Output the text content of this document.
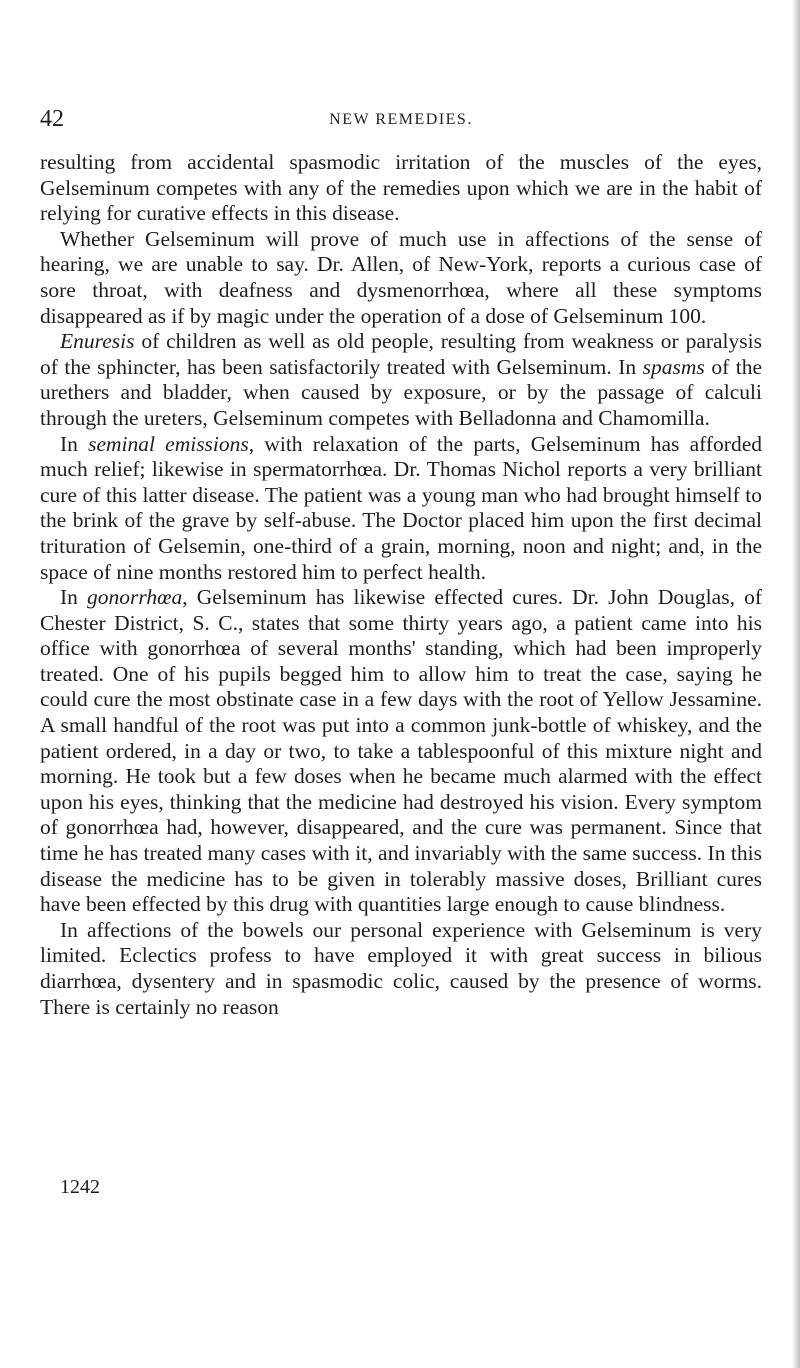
42	NEW REMEDIES.

resulting from accidental spasmodic irritation of the muscles of the eyes, Gelseminum competes with any of the remedies upon which we are in the habit of relying for curative effects in this disease.

Whether Gelseminum will prove of much use in affections of the sense of hearing, we are unable to say. Dr. Allen, of New-York, reports a curious case of sore throat, with deafness and dysmenorrhœa, where all these symptoms disappeared as if by magic under the operation of a dose of Gelseminum 100.

Enuresis of children as well as old people, resulting from weakness or paralysis of the sphincter, has been satisfactorily treated with Gelseminum. In spasms of the urethers and bladder, when caused by exposure, or by the passage of calculi through the ureters, Gelseminum competes with Belladonna and Chamomilla.

In seminal emissions, with relaxation of the parts, Gelseminum has afforded much relief; likewise in spermatorrhœa. Dr. Thomas Nichol reports a very brilliant cure of this latter disease. The patient was a young man who had brought himself to the brink of the grave by self-abuse. The Doctor placed him upon the first decimal trituration of Gelsemin, one-third of a grain, morning, noon and night; and, in the space of nine months restored him to perfect health.

In gonorrhœa, Gelseminum has likewise effected cures. Dr. John Douglas, of Chester District, S. C., states that some thirty years ago, a patient came into his office with gonorrhœa of several months' standing, which had been improperly treated. One of his pupils begged him to allow him to treat the case, saying he could cure the most obstinate case in a few days with the root of Yellow Jessamine. A small handful of the root was put into a common junk-bottle of whiskey, and the patient ordered, in a day or two, to take a tablespoonful of this mixture night and morning. He took but a few doses when he became much alarmed with the effect upon his eyes, thinking that the medicine had destroyed his vision. Every symptom of gonorrhœa had, however, disappeared, and the cure was permanent. Since that time he has treated many cases with it, and invariably with the same success. In this disease the medicine has to be given in tolerably massive doses, Brilliant cures have been effected by this drug with quantities large enough to cause blindness.

In affections of the bowels our personal experience with Gelseminum is very limited. Eclectics profess to have employed it with great success in bilious diarrhœa, dysentery and in spasmodic colic, caused by the presence of worms. There is certainly no reason

1242
